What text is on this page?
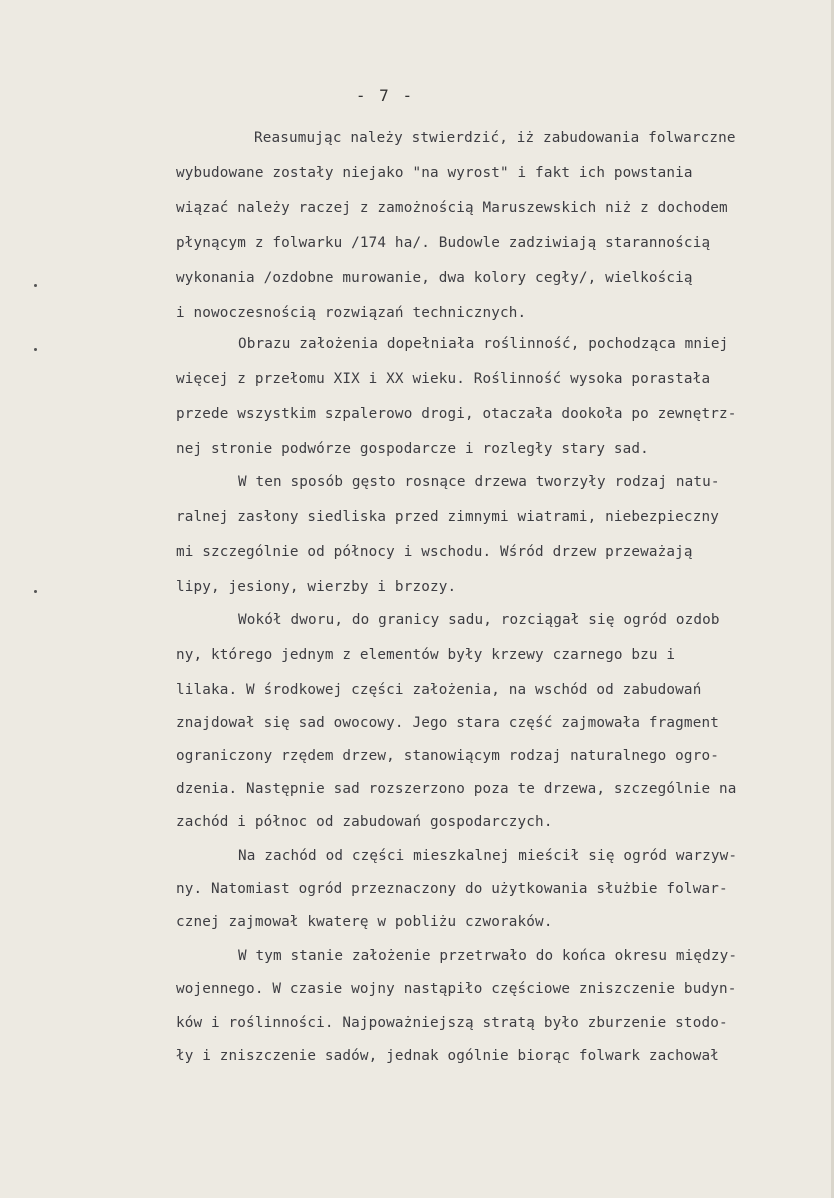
- 7 -
Reasumując należy stwierdzić, iż zabudowania folwarczne
wybudowane zostały niejako "na wyrost" i fakt ich powstania
wiązać należy raczej z zamożnością Maruszewskich niż z dochodem
płynącym z folwarku /174 ha/. Budowle zadziwiają starannością
wykonania /ozdobne murowanie, dwa kolory cegły/, wielkością
i nowoczesnością rozwiązań technicznych.
Obrazu założenia dopełniała roślinność, pochodząca mniej
więcej z przełomu XIX i XX wieku. Roślinność wysoka porastała
przede wszystkim szpalerowo drogi, otaczała dookoła po zewnętrz-
nej stronie podwórze gospodarcze i rozległy stary sad.
W ten sposób gęsto rosnące drzewa tworzyły rodzaj natu-
ralnej zasłony siedliska przed zimnymi wiatrami, niebezpieczny
mi szczególnie od północy i wschodu. Wśród drzew przeważają
lipy, jesiony, wierzby i brzozy.
Wokół dworu, do granicy sadu, rozciągał się ogród ozdob
ny, którego jednym z elementów były krzewy czarnego bzu i
lilaka. W środkowej części założenia, na wschód od zabudowań
znajdował się sad owocowy. Jego stara część zajmowała fragment
ograniczony rzędem drzew, stanowiącym rodzaj naturalnego ogro-
dzenia. Następnie sad rozszerzono poza te drzewa, szczególnie na
zachód i północ od zabudowań gospodarczych.
Na zachód od części mieszkalnej mieścił się ogród warzyw-
ny. Natomiast ogród przeznaczony do użytkowania służbie folwar-
cznej zajmował kwaterę w pobliżu czworaków.
W tym stanie założenie przetrwało do końca okresu między-
wojennego. W czasie wojny nastąpiło częściowe zniszczenie budyn-
ków i roślinności. Najpoważniejszą stratą było zburzenie stodo-
ły i zniszczenie sadów, jednak ogólnie biorąc folwark zachował
